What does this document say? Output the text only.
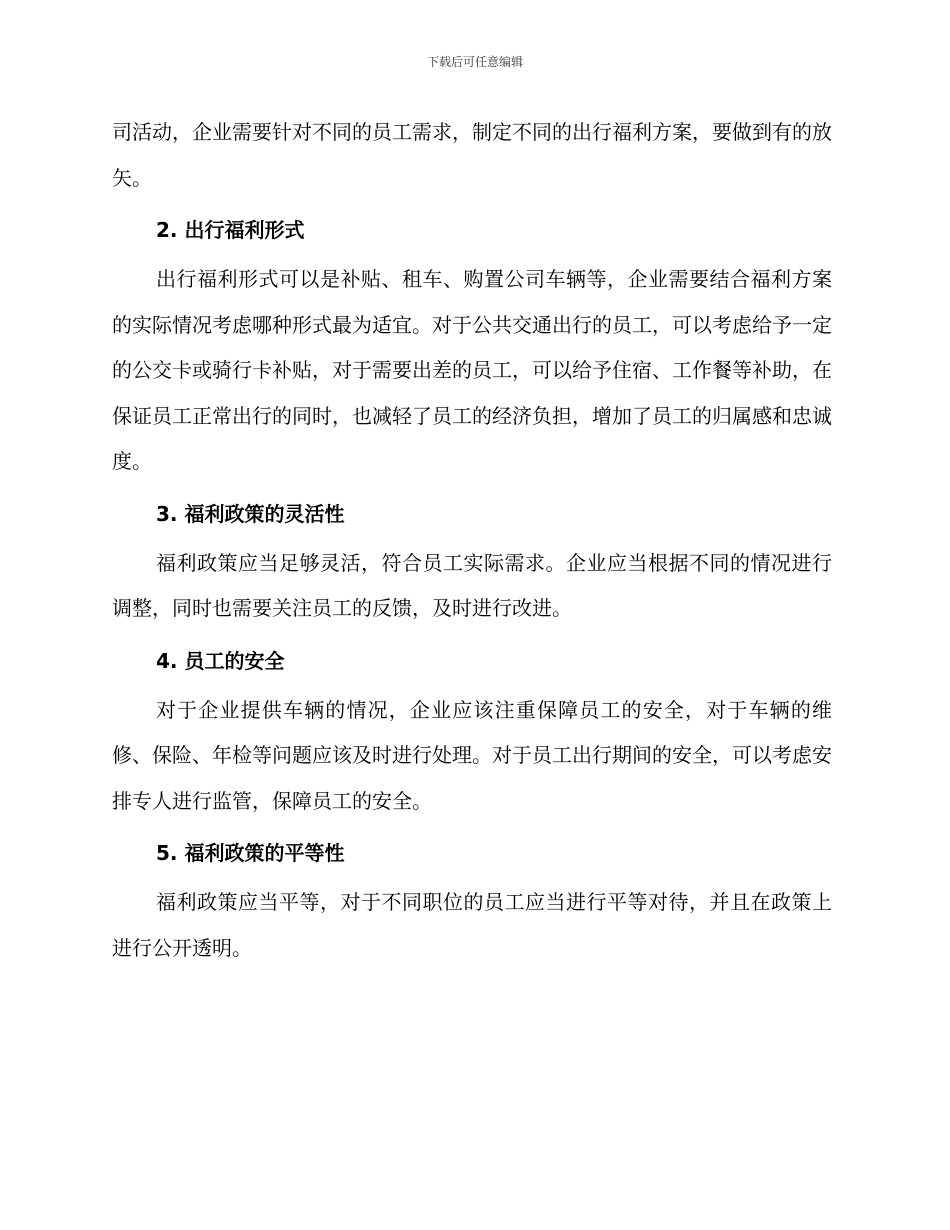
下载后可任意编辑

司活动，企业需要针对不同的员工需求，制定不同的出行福利方案，要做到有的放矢。

2. 出行福利形式

出行福利形式可以是补贴、租车、购置公司车辆等，企业需要结合福利方案的实际情况考虑哪种形式最为适宜。对于公共交通出行的员工，可以考虑给予一定的公交卡或骑行卡补贴，对于需要出差的员工，可以给予住宿、工作餐等补助，在保证员工正常出行的同时，也减轻了员工的经济负担，增加了员工的归属感和忠诚度。

3. 福利政策的灵活性

福利政策应当足够灵活，符合员工实际需求。企业应当根据不同的情况进行调整，同时也需要关注员工的反馈，及时进行改进。

4. 员工的安全

对于企业提供车辆的情况，企业应该注重保障员工的安全，对于车辆的维修、保险、年检等问题应该及时进行处理。对于员工出行期间的安全，可以考虑安排专人进行监管，保障员工的安全。

5. 福利政策的平等性

福利政策应当平等，对于不同职位的员工应当进行平等对待，并且在政策上进行公开透明。
